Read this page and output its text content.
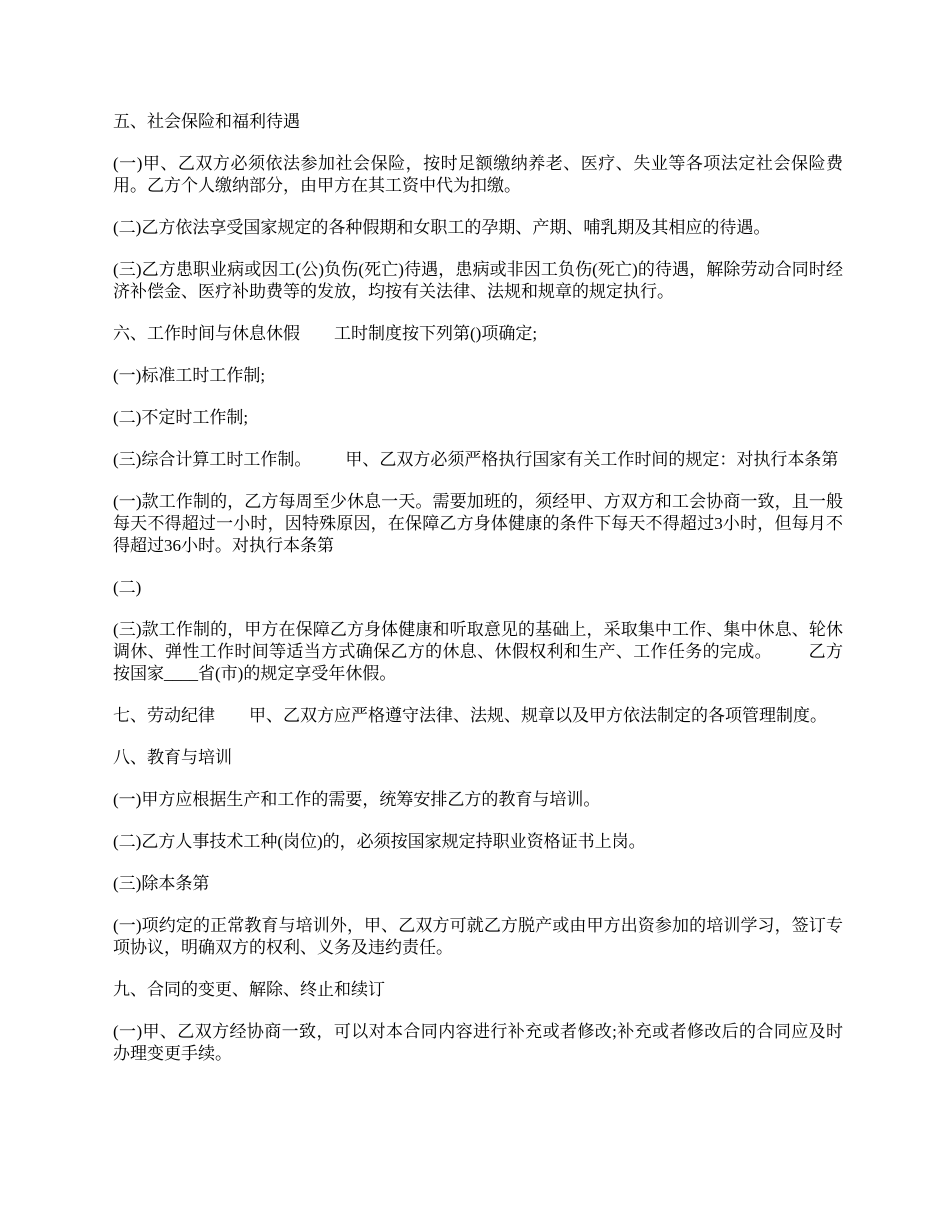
五、社会保险和福利待遇

(一)甲、乙双方必须依法参加社会保险，按时足额缴纳养老、医疗、失业等各项法定社会保险费用。乙方个人缴纳部分，由甲方在其工资中代为扣缴。

(二)乙方依法享受国家规定的各种假期和女职工的孕期、产期、哺乳期及其相应的待遇。

(三)乙方患职业病或因工(公)负伤(死亡)待遇，患病或非因工负伤(死亡)的待遇，解除劳动合同时经济补偿金、医疗补助费等的发放，均按有关法律、法规和规章的规定执行。

六、工作时间与休息休假        工时制度按下列第()项确定;

(一)标准工时工作制;

(二)不定时工作制;

(三)综合计算工时工作制。        甲、乙双方必须严格执行国家有关工作时间的规定：对执行本条第

(一)款工作制的，乙方每周至少休息一天。需要加班的，须经甲、方双方和工会协商一致，且一般每天不得超过一小时，因特殊原因，在保障乙方身体健康的条件下每天不得超过3小时，但每月不得超过36小时。对执行本条第

(二)

(三)款工作制的，甲方在保障乙方身体健康和听取意见的基础上，采取集中工作、集中休息、轮休调休、弹性工作时间等适当方式确保乙方的休息、休假权利和生产、工作任务的完成。        乙方按国家____省(市)的规定享受年休假。

七、劳动纪律        甲、乙双方应严格遵守法律、法规、规章以及甲方依法制定的各项管理制度。

八、教育与培训

(一)甲方应根据生产和工作的需要，统筹安排乙方的教育与培训。

(二)乙方人事技术工种(岗位)的，必须按国家规定持职业资格证书上岗。

(三)除本条第

(一)项约定的正常教育与培训外，甲、乙双方可就乙方脱产或由甲方出资参加的培训学习，签订专项协议，明确双方的权利、义务及违约责任。

九、合同的变更、解除、终止和续订

(一)甲、乙双方经协商一致，可以对本合同内容进行补充或者修改;补充或者修改后的合同应及时办理变更手续。
